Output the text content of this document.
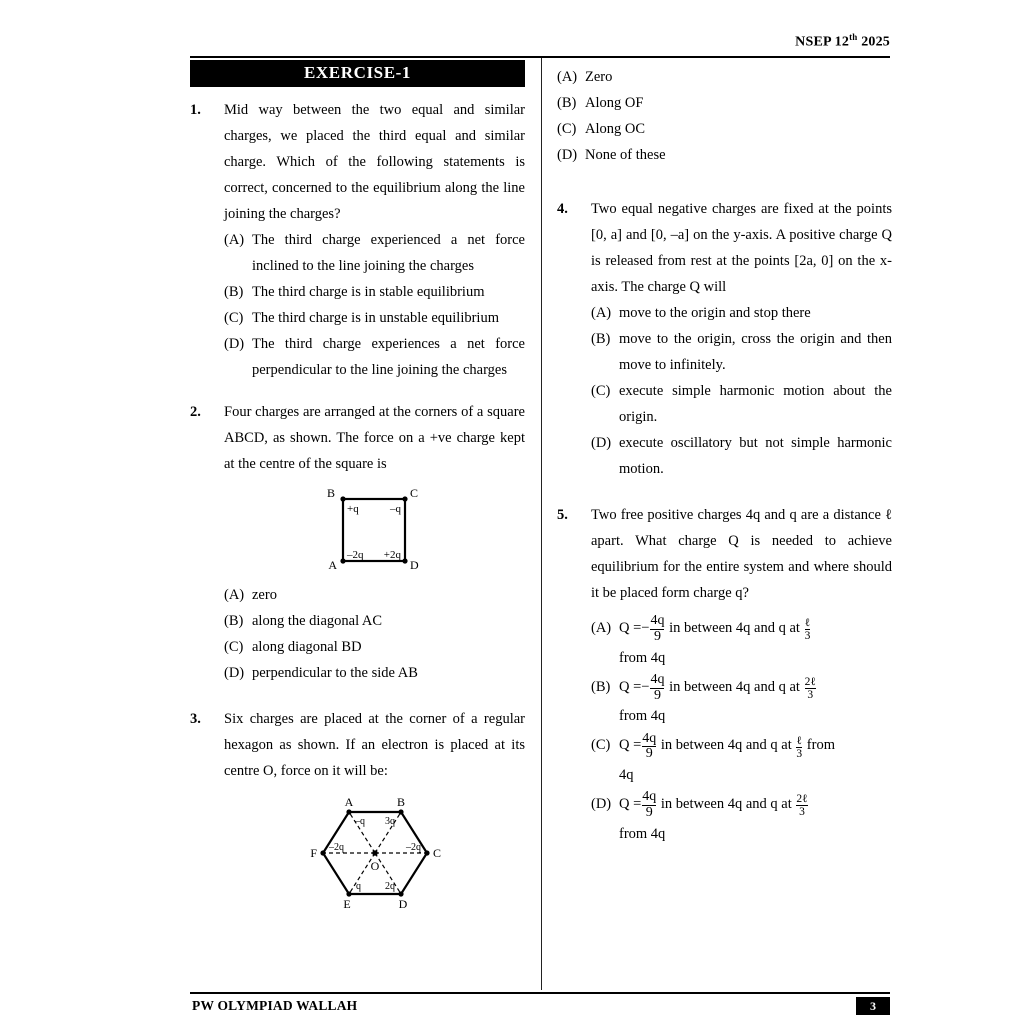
NSEP 12th 2025
EXERCISE-1
1.	Mid way between the two equal and similar charges, we placed the third equal and similar charge. Which of the following statements is correct, concerned to the equilibrium along the line joining the charges?

(A) The third charge experienced a net force inclined to the line joining the charges
(B) The third charge is in stable equilibrium
(C) The third charge is in unstable equilibrium
(D) The third charge experiences a net force perpendicular to the line joining the charges
2.	Four charges are arranged at the corners of a square ABCD, as shown. The force on a +ve charge kept at the centre of the square is

B	C
A	D
+q	–q
–2q +2q
(A) zero
(B) along the diagonal AC
(C) along diagonal BD
(D) perpendicular to the side AB
3.	Six charges are placed at the corner of a regular hexagon as shown. If an electron is placed at its centre O, force on it will be:

A	B
C
D
E
F
O
–q 3q
–2q	–2q
q 2q
(A) Zero
(B) Along OF
(C) Along OC
(D) None of these
4.	Two equal negative charges are fixed at the points [0, a] and [0, –a] on the y-axis. A positive charge Q is released from rest at the points [2a, 0] on the x-axis. The charge Q will

(A) move to the origin and stop there
(B) move to the origin, cross the origin and then move to infinitely.
(C) execute simple harmonic motion about the origin.
(D) execute oscillatory but not simple harmonic motion.
5.	Two free positive charges 4q and q are a distance ℓ apart. What charge Q is needed to achieve equilibrium for the entire system and where should it be placed form charge q?

(A) $Q =- \frac{4q}{9}$ in between 4q and q at $\frac{\text{ℓ}}{3}$
from 4q
(B) $Q =- \frac{4q}{9}$ in between 4q and q at $\frac{\text{2ℓ}}{3}$
from 4q
(C) $Q = \frac{4q}{9}$ in between 4q and q at $\frac{\text{ℓ}}{3}$ from
4q
(D) $Q = \frac{4q}{9}$ in between 4q and q at $\frac{\text{2ℓ}}{3}$
from 4q
PW OLYMPIAD WALLAH	3
